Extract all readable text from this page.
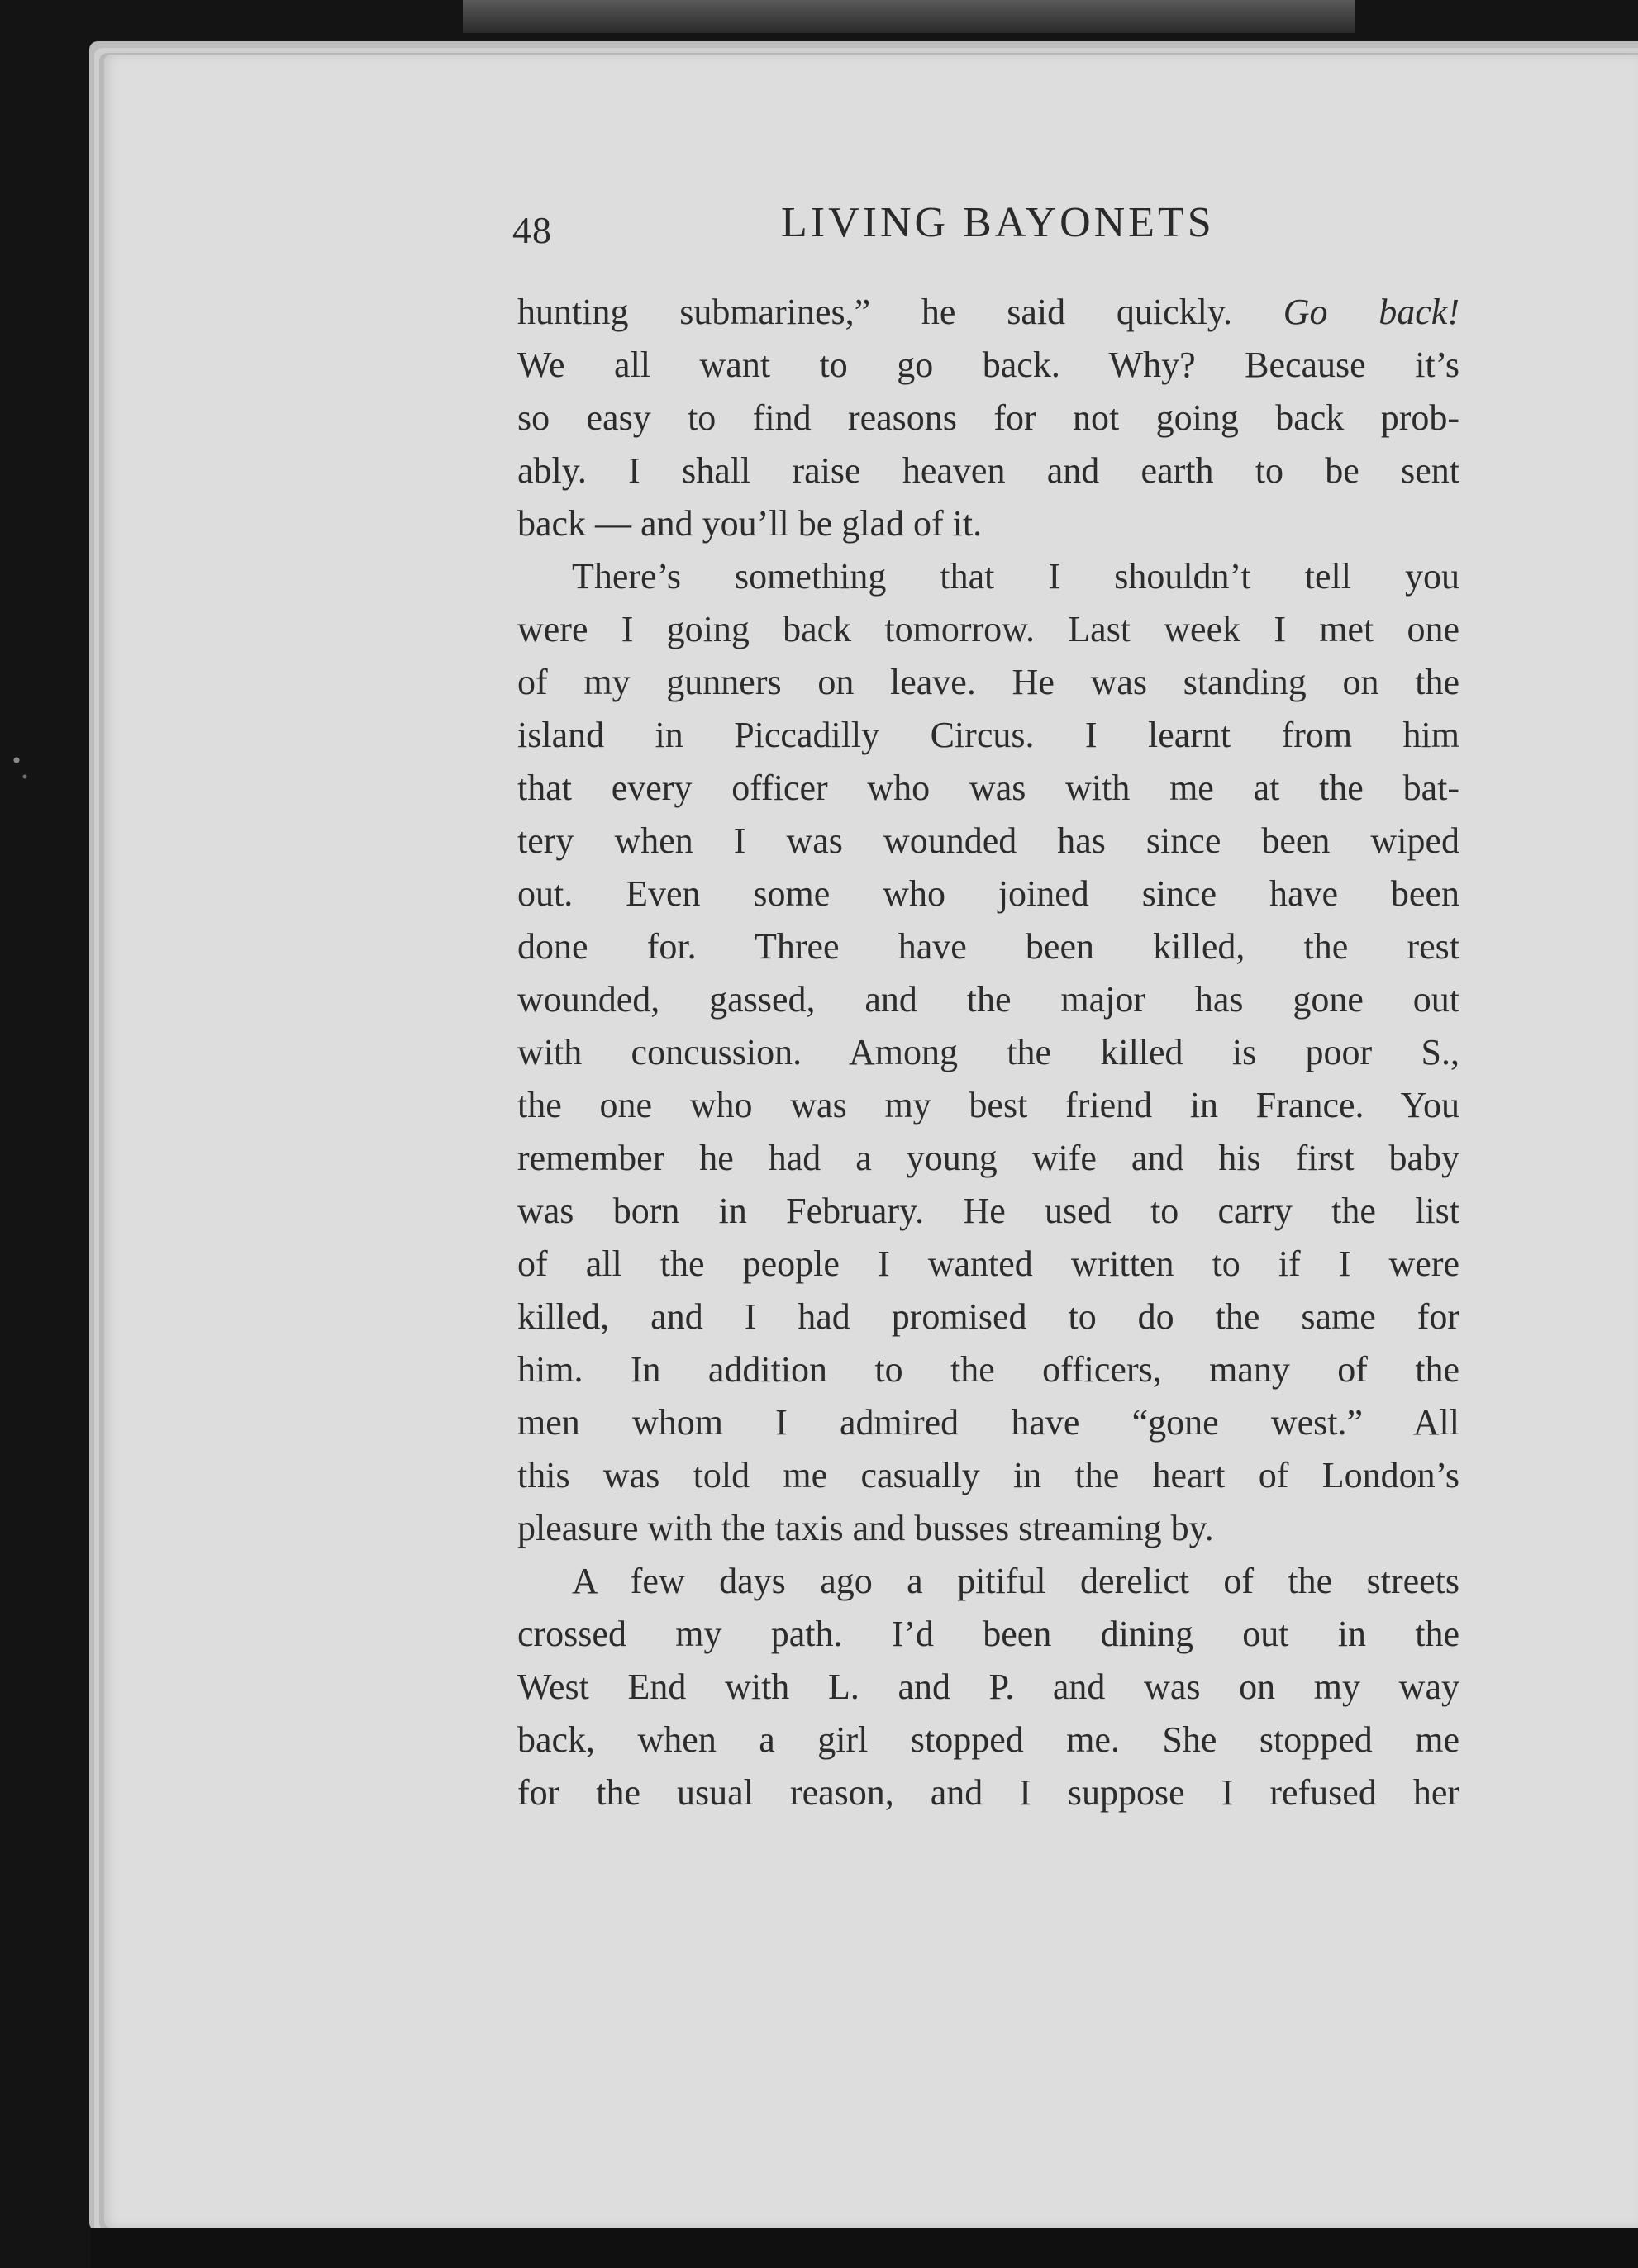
48	LIVING BAYONETS
hunting submarines,” he said quickly. Go back!
We all want to go back. Why? Because it’s
so easy to find reasons for not going back prob-
ably. I shall raise heaven and earth to be sent
back — and you’ll be glad of it.
There’s something that I shouldn’t tell you
were I going back tomorrow. Last week I met one
of my gunners on leave. He was standing on the
island in Piccadilly Circus. I learnt from him
that every officer who was with me at the bat-
tery when I was wounded has since been wiped
out. Even some who joined since have been
done for. Three have been killed, the rest
wounded, gassed, and the major has gone out
with concussion. Among the killed is poor S.,
the one who was my best friend in France. You
remember he had a young wife and his first baby
was born in February. He used to carry the list
of all the people I wanted written to if I were
killed, and I had promised to do the same for
him. In addition to the officers, many of the
men whom I admired have “gone west.” All
this was told me casually in the heart of London’s
pleasure with the taxis and busses streaming by.
A few days ago a pitiful derelict of the streets
crossed my path. I’d been dining out in the
West End with L. and P. and was on my way
back, when a girl stopped me. She stopped me
for the usual reason, and I suppose I refused her
